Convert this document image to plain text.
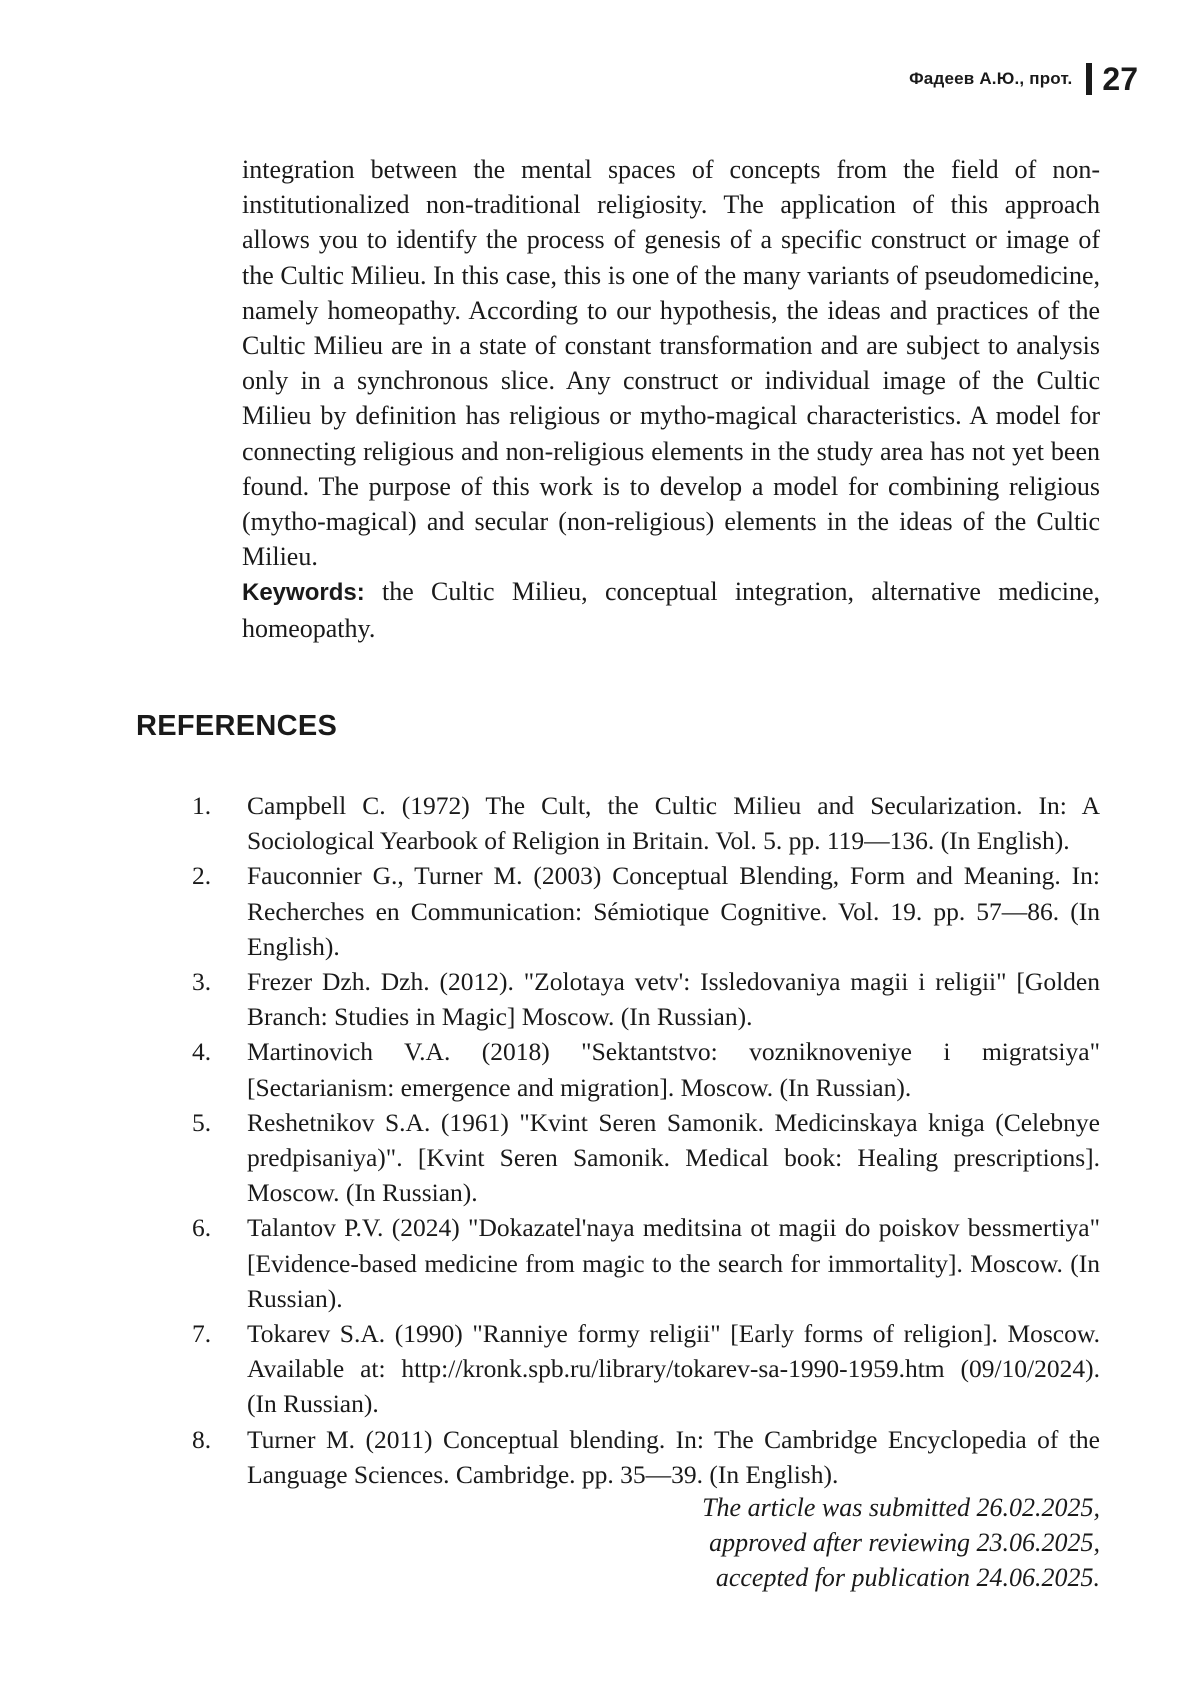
Фадеев А.Ю., прот. 27

integration between the mental spaces of concepts from the field of non-institutionalized non-traditional religiosity. The application of this approach allows you to identify the process of genesis of a specific construct or image of the Cultic Milieu. In this case, this is one of the many variants of pseudomedicine, namely homeopathy. According to our hypothesis, the ideas and practices of the Cultic Milieu are in a state of constant transformation and are subject to analysis only in a synchronous slice. Any construct or individual image of the Cultic Milieu by definition has religious or mytho-magical characteristics. A model for connecting religious and non-religious elements in the study area has not yet been found. The purpose of this work is to develop a model for combining religious (mytho-magical) and secular (non-religious) elements in the ideas of the Cultic Milieu.

Keywords: the Cultic Milieu, conceptual integration, alternative medicine, homeopathy.

REFERENCES
1.	Campbell C. (1972) The Cult, the Cultic Milieu and Secularization. In: A Sociological Yearbook of Religion in Britain. Vol. 5. pp. 119—136. (In English).
2.	Fauconnier G., Turner M. (2003) Conceptual Blending, Form and Meaning. In: Recherches en Communication: Sémiotique Cognitive. Vol. 19. pp. 57—86. (In English).
3.	Frezer Dzh. Dzh. (2012). "Zolotaya vetv': Issledovaniya magii i religii" [Golden Branch: Studies in Magic] Moscow. (In Russian).
4.	Martinovich V.A. (2018) "Sektantstvo: vozniknoveniye i migratsiya" [Sectarianism: emergence and migration]. Moscow. (In Russian).
5.	Reshetnikov S.A. (1961) "Kvint Seren Samonik. Medicinskaya kniga (Celebnye predpisaniya)". [Kvint Seren Samonik. Medical book: Healing prescriptions]. Moscow. (In Russian).
6.	Talantov P.V. (2024) "Dokazatel'naya meditsina ot magii do poiskov bessmertiya" [Evidence-based medicine from magic to the search for immortality]. Moscow. (In Russian).
7.	Tokarev S.A. (1990) "Ranniye formy religii" [Early forms of religion]. Moscow. Available at: http://kronk.spb.ru/library/tokarev-sa-1990-1959.htm (09/10/2024). (In Russian).
8.	Turner M. (2011) Conceptual blending. In: The Cambridge Encyclopedia of the Language Sciences. Cambridge. pp. 35—39. (In English).
The article was submitted 26.02.2025,
approved after reviewing 23.06.2025,
accepted for publication 24.06.2025.
